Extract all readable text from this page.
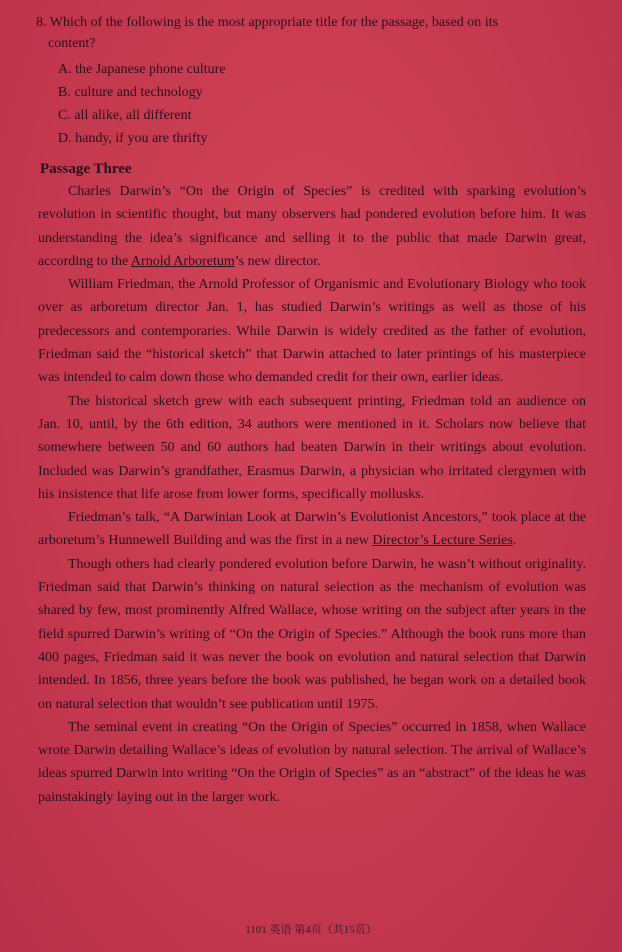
8. Which of the following is the most appropriate title for the passage, based on its
content?
A. the Japanese phone culture
B. culture and technology
C. all alike, all different
D. handy, if you are thrifty
Passage Three

Charles Darwin’s “On the Origin of Species” is credited with sparking evolution’s revolution in scientific thought, but many observers had pondered evolution before him. It was understanding the idea’s significance and selling it to the public that made Darwin great, according to the Arnold Arboretum’s new director.

William Friedman, the Arnold Professor of Organismic and Evolutionary Biology who took over as arboretum director Jan. 1, has studied Darwin’s writings as well as those of his predecessors and contemporaries. While Darwin is widely credited as the father of evolution, Friedman said the “historical sketch” that Darwin attached to later printings of his masterpiece was intended to calm down those who demanded credit for their own, earlier ideas.

The historical sketch grew with each subsequent printing, Friedman told an audience on Jan. 10, until, by the 6th edition, 34 authors were mentioned in it. Scholars now believe that somewhere between 50 and 60 authors had beaten Darwin in their writings about evolution. Included was Darwin’s grandfather, Erasmus Darwin, a physician who irritated clergymen with his insistence that life arose from lower forms, specifically mollusks.

Friedman’s talk, “A Darwinian Look at Darwin’s Evolutionist Ancestors,” took place at the arboretum’s Hunnewell Building and was the first in a new Director’s Lecture Series.

Though others had clearly pondered evolution before Darwin, he wasn’t without originality. Friedman said that Darwin’s thinking on natural selection as the mechanism of evolution was shared by few, most prominently Alfred Wallace, whose writing on the subject after years in the field spurred Darwin’s writing of “On the Origin of Species.” Although the book runs more than 400 pages, Friedman said it was never the book on evolution and natural selection that Darwin intended. In 1856, three years before the book was published, he began work on a detailed book on natural selection that wouldn’t see publication until 1975.

The seminal event in creating “On the Origin of Species” occurred in 1858, when Wallace wrote Darwin detailing Wallace’s ideas of evolution by natural selection. The arrival of Wallace’s ideas spurred Darwin into writing “On the Origin of Species” as an “abstract” of the ideas he was painstakingly laying out in the larger work.

1101 英语 第4页（共15页）
